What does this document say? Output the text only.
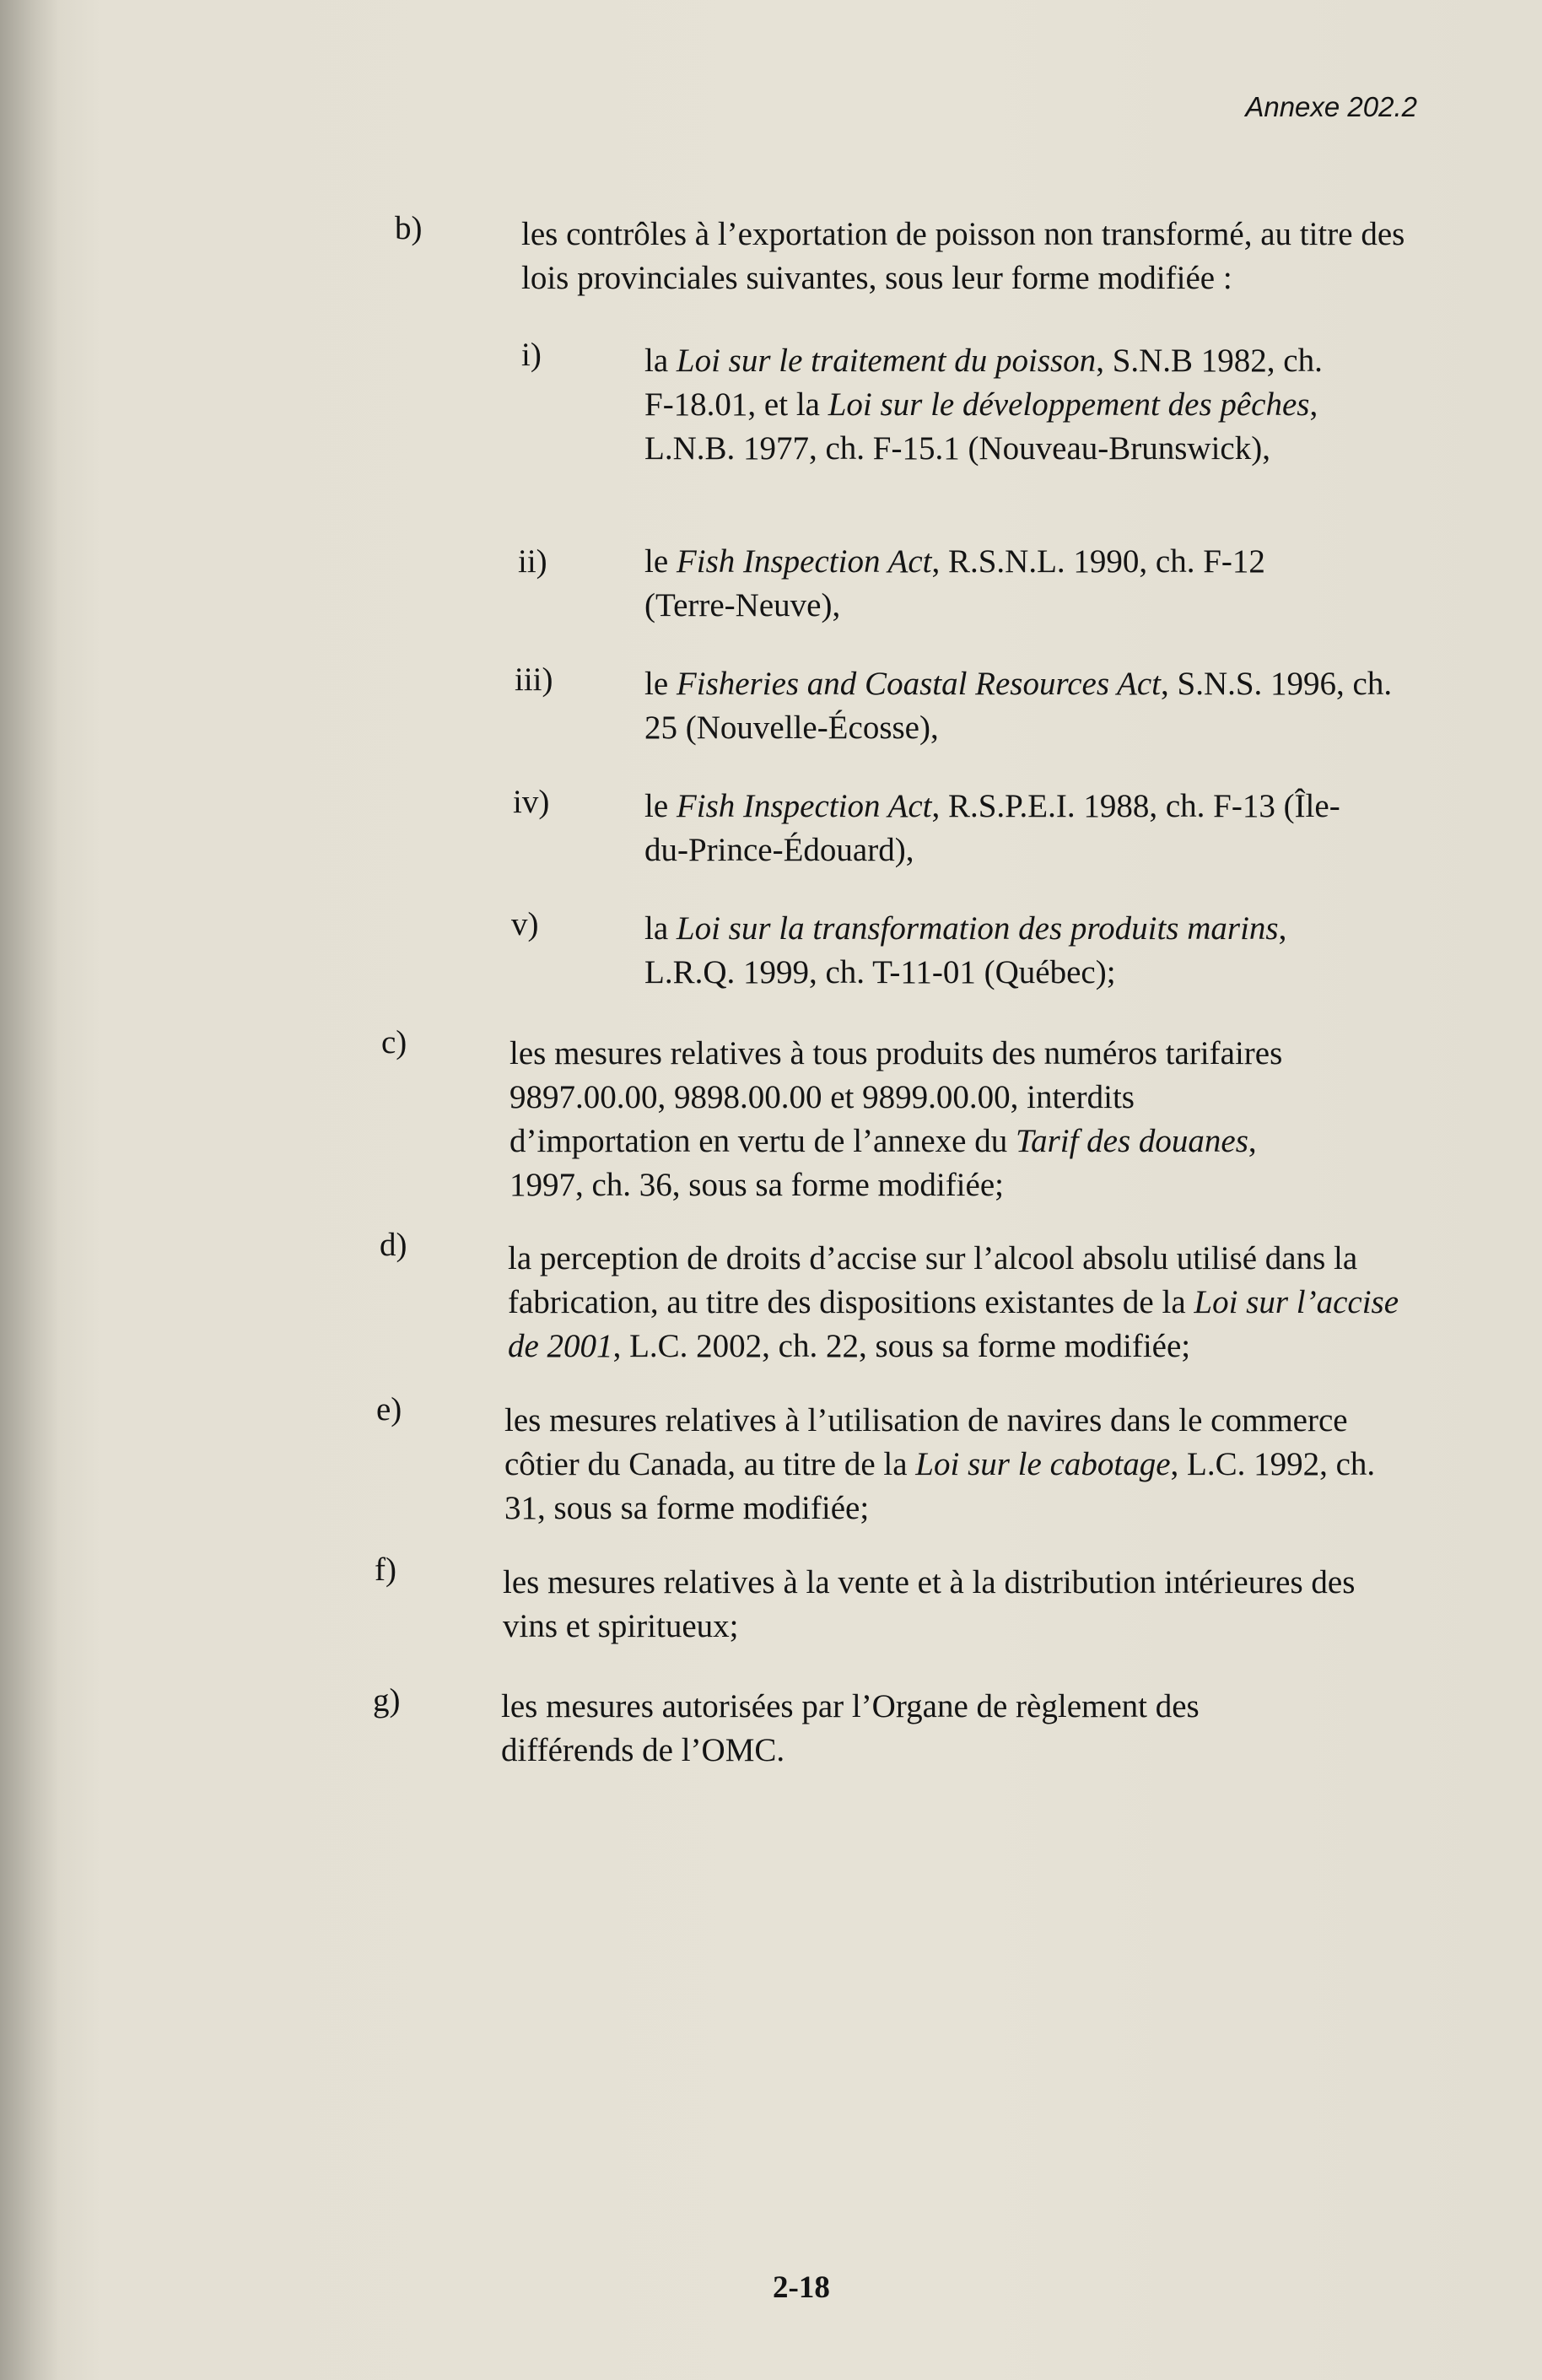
Annexe 202.2
b)	les contrôles à l’exportation de poisson non transformé, au titre des lois provinciales suivantes, sous leur forme modifiée :
i)	la Loi sur le traitement du poisson, S.N.B 1982, ch. F-18.01, et la Loi sur le développement des pêches, L.N.B. 1977, ch. F-15.1 (Nouveau-Brunswick),
ii)	le Fish Inspection Act, R.S.N.L. 1990, ch. F-12 (Terre-Neuve),
iii)	le Fisheries and Coastal Resources Act, S.N.S. 1996, ch. 25 (Nouvelle-Écosse),
iv)	le Fish Inspection Act, R.S.P.E.I. 1988, ch. F-13 (Île-du-Prince-Édouard),
v)	la Loi sur la transformation des produits marins, L.R.Q. 1999, ch. T-11-01 (Québec);
c)	les mesures relatives à tous produits des numéros tarifaires 9897.00.00, 9898.00.00 et 9899.00.00, interdits d’importation en vertu de l’annexe du Tarif des douanes, 1997, ch. 36, sous sa forme modifiée;
d)	la perception de droits d’accise sur l’alcool absolu utilisé dans la fabrication, au titre des dispositions existantes de la Loi sur l’accise de 2001, L.C. 2002, ch. 22, sous sa forme modifiée;
e)	les mesures relatives à l’utilisation de navires dans le commerce côtier du Canada, au titre de la Loi sur le cabotage, L.C. 1992, ch. 31, sous sa forme modifiée;
f)	les mesures relatives à la vente et à la distribution intérieures des vins et spiritueux;
g)	les mesures autorisées par l’Organe de règlement des différends de l’OMC.
2-18
